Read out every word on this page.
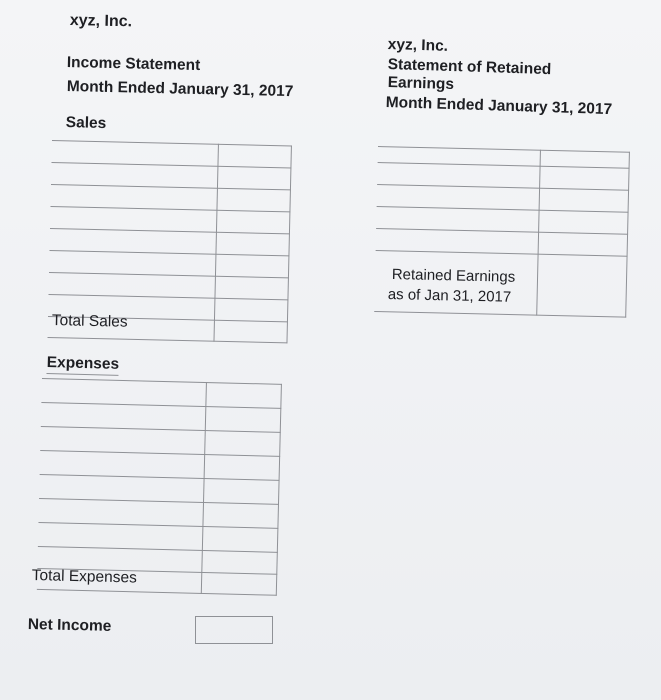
xyz, Inc.
Income Statement
Month Ended January 31, 2017
Sales
xyz, Inc.
Statement of Retained
Earnings
Month Ended January 31, 2017
Total Sales
Expenses
Total Expenses
Retained Earnings
as of Jan 31, 2017
Net Income
